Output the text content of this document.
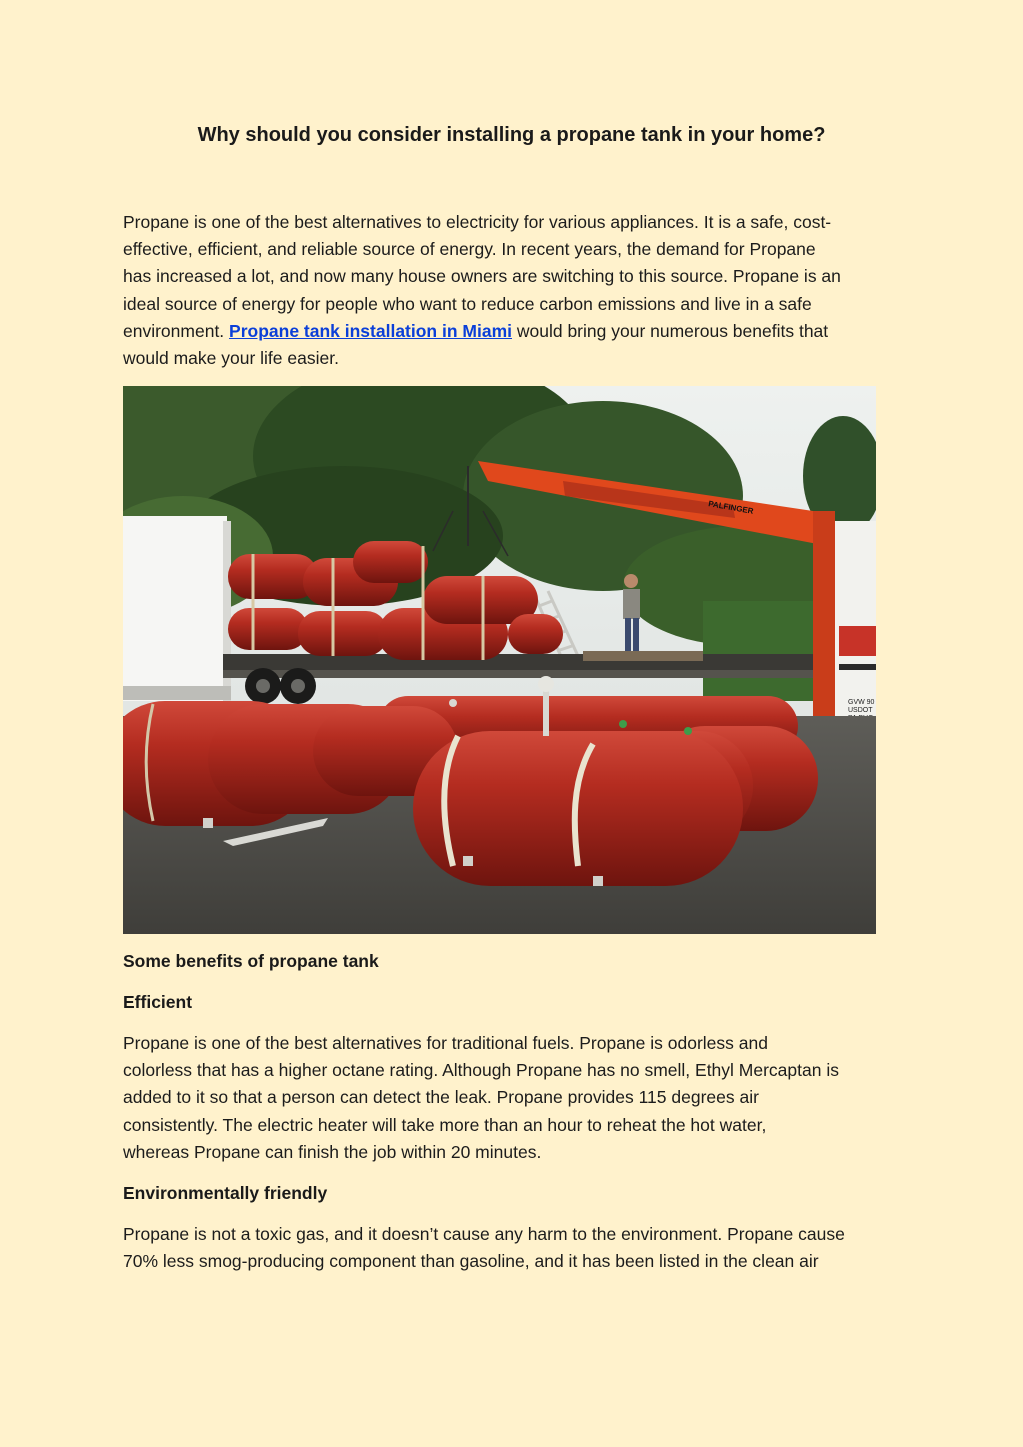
Why should you consider installing a propane tank in your home?
Propane is one of the best alternatives to electricity for various appliances. It is a safe, cost-
effective, efficient, and reliable source of energy. In recent years, the demand for Propane
has increased a lot, and now many house owners are switching to this source. Propane is an
ideal source of energy for people who want to reduce carbon emissions and live in a safe
environment. Propane tank installation in Miami would bring your numerous benefits that
would make your life easier.
GVW 90
USDOT
PALFINGER
Some benefits of propane tank
Efficient
Propane is one of the best alternatives for traditional fuels. Propane is odorless and
colorless that has a higher octane rating. Although Propane has no smell, Ethyl Mercaptan is
added to it so that a person can detect the leak. Propane provides 115 degrees air
consistently. The electric heater will take more than an hour to reheat the hot water,
whereas Propane can finish the job within 20 minutes.
Environmentally friendly
Propane is not a toxic gas, and it doesn’t cause any harm to the environment. Propane cause
70% less smog-producing component than gasoline, and it has been listed in the clean air
